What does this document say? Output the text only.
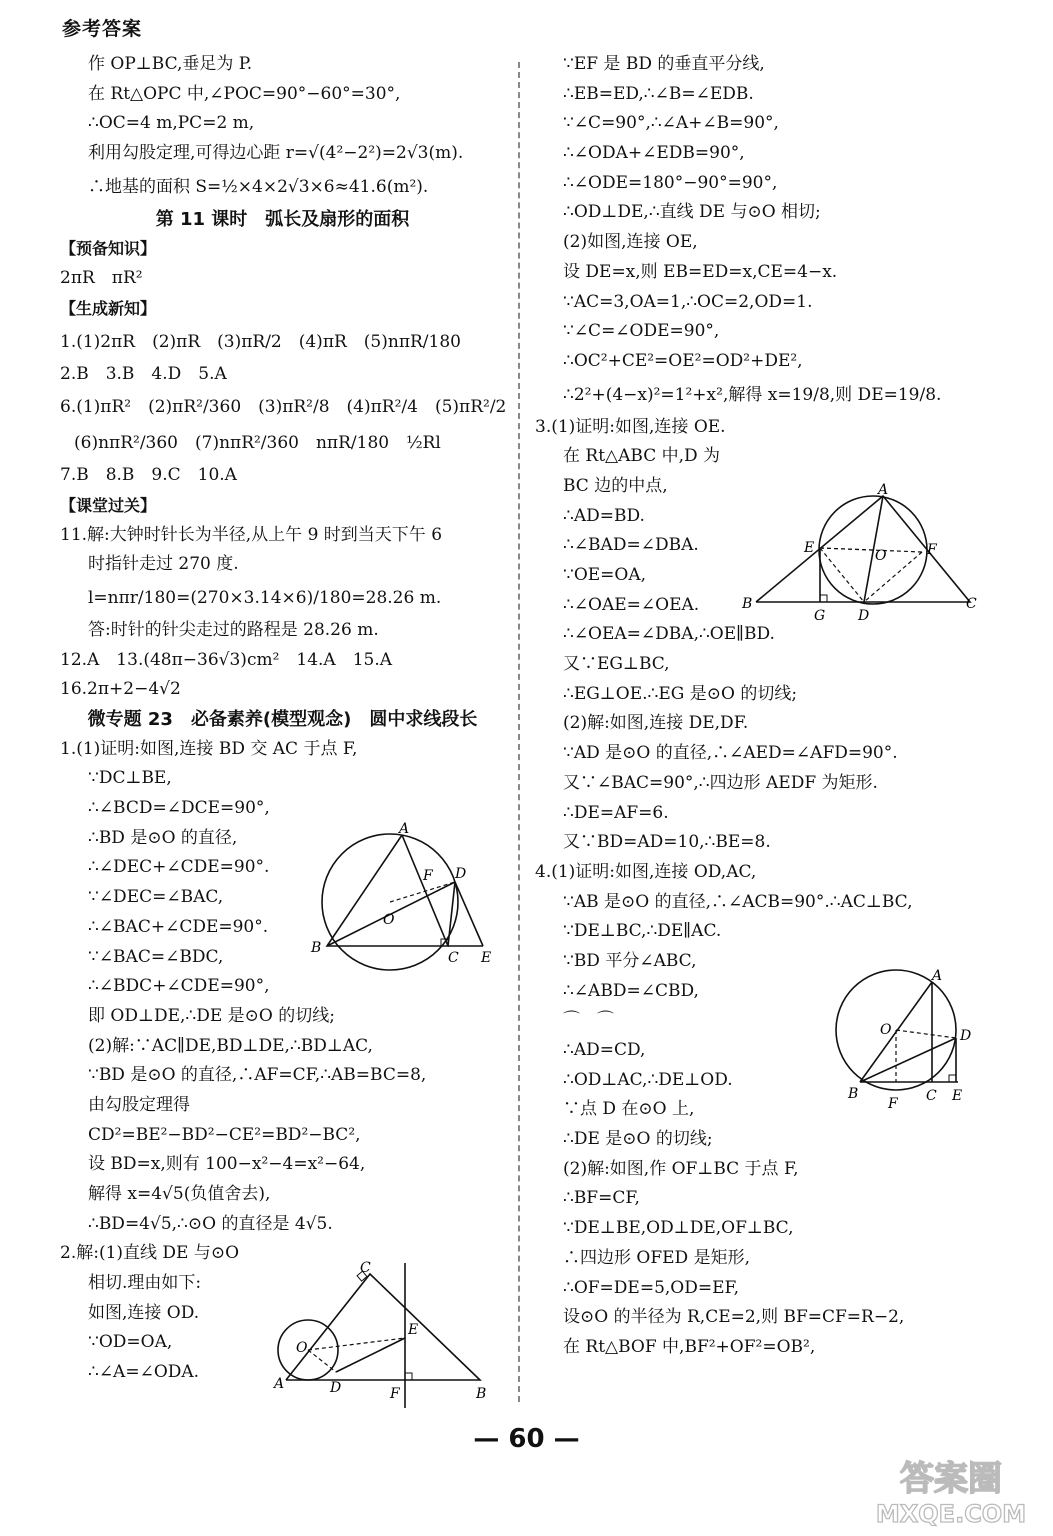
参考答案
作 OP⊥BC,垂足为 P.
在 Rt△OPC 中,∠POC=90°−60°=30°,
∴OC=4 m,PC=2 m,
利用勾股定理,可得边心距 r=√(4²−2²)=2√3(m).
∴地基的面积 S=½×4×2√3×6≈41.6(m²).
第 11 课时　弧长及扇形的面积
【预备知识】
2πR　πR²
【生成新知】
1.(1)2πR　(2)πR　(3)πR/2　(4)πR　(5)nπR/180
2.B　3.B　4.D　5.A
6.(1)πR²　(2)πR²/360　(3)πR²/8　(4)πR²/4　(5)πR²/2
(6)nπR²/360　(7)nπR²/360　nπR/180　½Rl
7.B　8.B　9.C　10.A
【课堂过关】
11.解:大钟时针长为半径,从上午 9 时到当天下午 6
时指针走过 270 度.
l=nπr/180=(270×3.14×6)/180=28.26 m.
答:时针的针尖走过的路程是 28.26 m.
12.A　13.(48π−36√3)cm²　14.A　15.A
16.2π+2−4√2
微专题 23　必备素养(模型观念)　圆中求线段长
1.(1)证明:如图,连接 BD 交 AC 于点 F,
∵DC⊥BE,
∴∠BCD=∠DCE=90°,
∴BD 是⊙O 的直径,
∴∠DEC+∠CDE=90°.
∵∠DEC=∠BAC,
∴∠BAC+∠CDE=90°.
∵∠BAC=∠BDC,
∴∠BDC+∠CDE=90°,
即 OD⊥DE,∴DE 是⊙O 的切线;
(2)解:∵AC∥DE,BD⊥DE,∴BD⊥AC,
∵BD 是⊙O 的直径,∴AF=CF,∴AB=BC=8,
由勾股定理得
CD²=BE²−BD²−CE²=BD²−BC²,
设 BD=x,则有 100−x²−4=x²−64,
解得 x=4√5(负值舍去),
∴BD=4√5,∴⊙O 的直径是 4√5.
2.解:(1)直线 DE 与⊙O
相切.理由如下:
如图,连接 OD.
∵OD=OA,
∴∠A=∠ODA.
∵EF 是 BD 的垂直平分线,
∴EB=ED,∴∠B=∠EDB.
∵∠C=90°,∴∠A+∠B=90°,
∴∠ODA+∠EDB=90°,
∴∠ODE=180°−90°=90°,
∴OD⊥DE,∴直线 DE 与⊙O 相切;
(2)如图,连接 OE,
设 DE=x,则 EB=ED=x,CE=4−x.
∵AC=3,OA=1,∴OC=2,OD=1.
∵∠C=∠ODE=90°,
∴OC²+CE²=OE²=OD²+DE²,
∴2²+(4−x)²=1²+x²,解得 x=19/8,则 DE=19/8.
3.(1)证明:如图,连接 OE.
在 Rt△ABC 中,D 为
BC 边的中点,
∴AD=BD.
∴∠BAD=∠DBA.
∵OE=OA,
∴∠OAE=∠OEA.
∴∠OEA=∠DBA,∴OE∥BD.
又∵EG⊥BC,
∴EG⊥OE.∴EG 是⊙O 的切线;
(2)解:如图,连接 DE,DF.
∵AD 是⊙O 的直径,∴∠AED=∠AFD=90°.
又∵∠BAC=90°,∴四边形 AEDF 为矩形.
∴DE=AF=6.
又∵BD=AD=10,∴BE=8.
4.(1)证明:如图,连接 OD,AC,
∵AB 是⊙O 的直径,∴∠ACB=90°.∴AC⊥BC,
∵DE⊥BC,∴DE∥AC.
∵BD 平分∠ABC,
∴∠ABD=∠CBD,
⌒　⌒
∴AD=CD,
∴OD⊥AC,∴DE⊥OD.
∵点 D 在⊙O 上,
∴DE 是⊙O 的切线;
(2)解:如图,作 OF⊥BC 于点 F,
∴BF=CF,
∵DE⊥BE,OD⊥DE,OF⊥BC,
∴四边形 OFED 是矩形,
∴OF=DE=5,OD=EF,
设⊙O 的半径为 R,CE=2,则 BF=CF=R−2,
在 Rt△BOF 中,BF²+OF²=OB²,
A
B
C
D
E
F
O
A
B
C
D
E
F
O
A
B	C
D
E	F
G
O
A
B	C
D
E
F
O
— 60 —
答案圈
MXQE.COM
